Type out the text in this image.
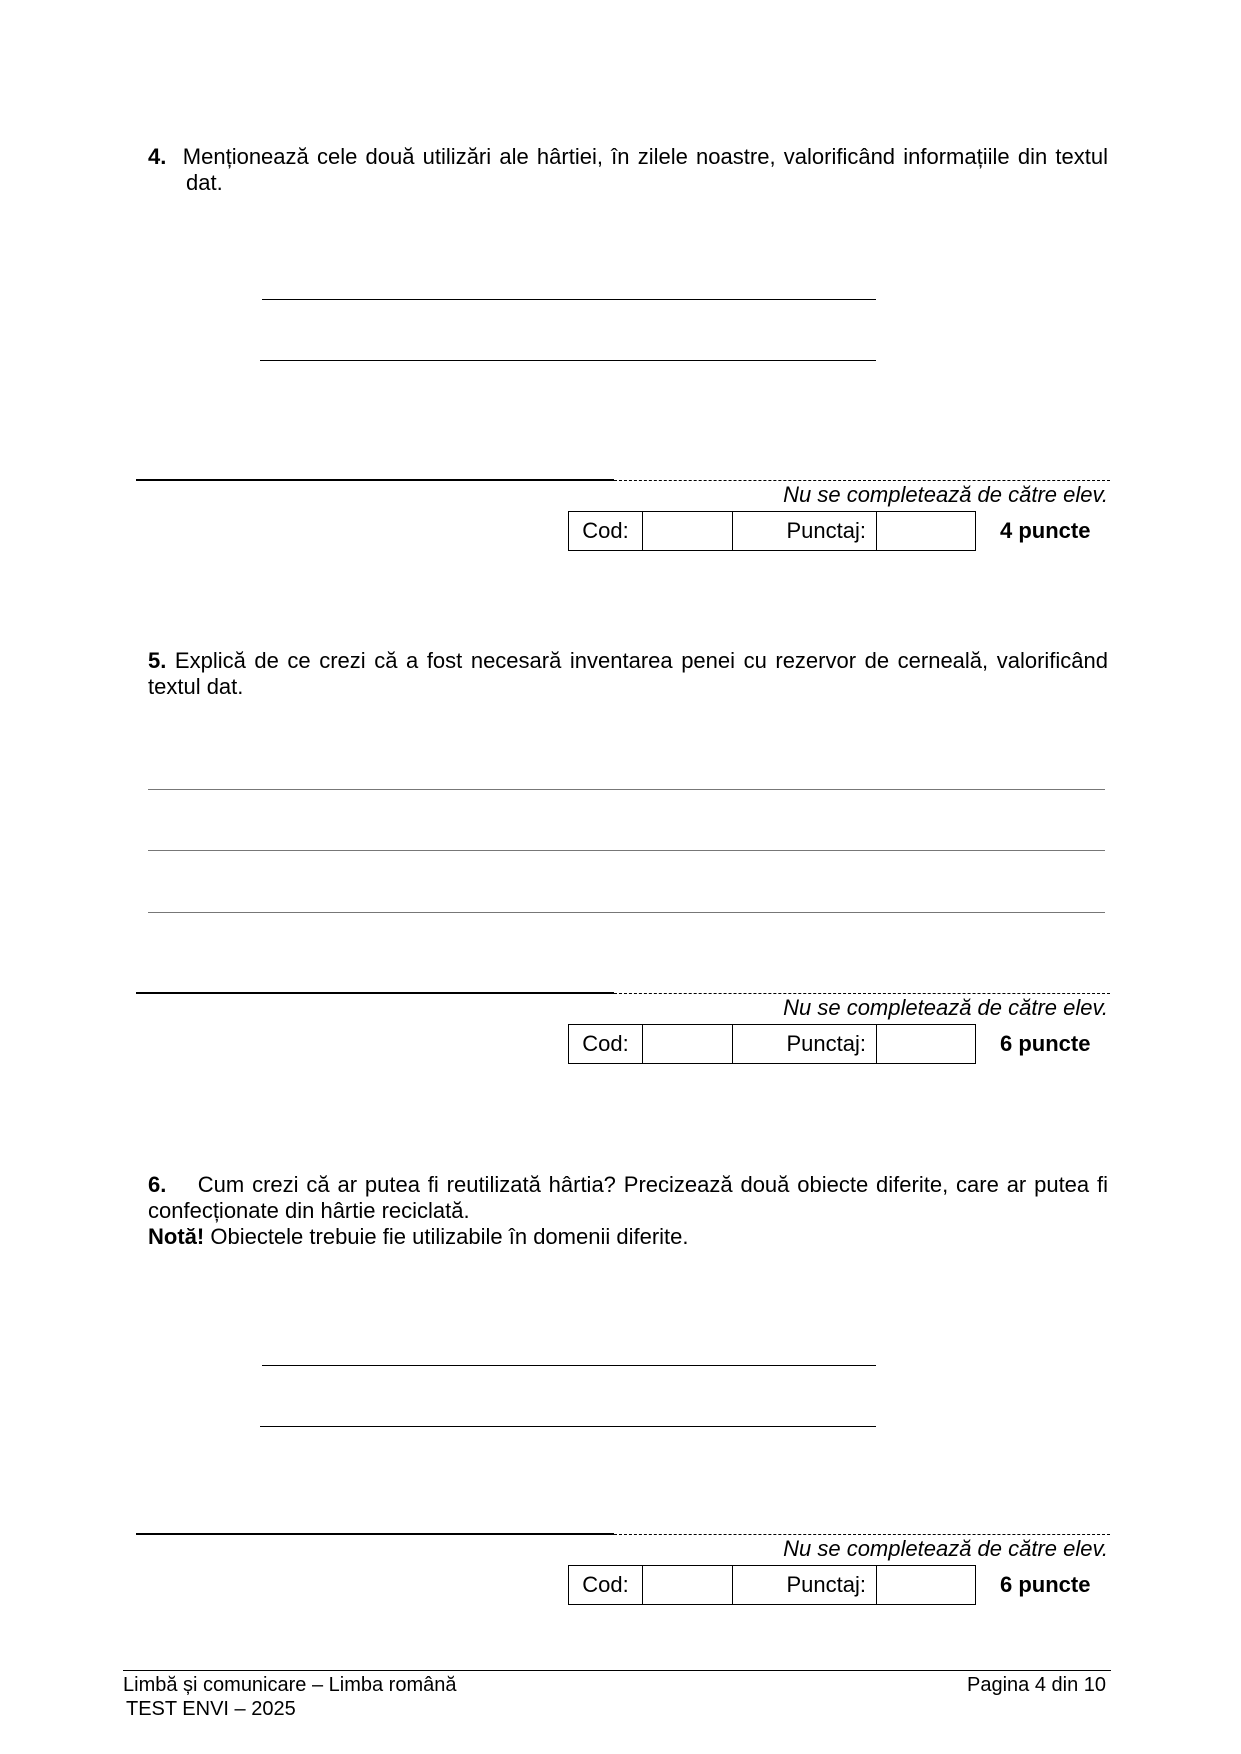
4. Menționează cele două utilizări ale hârtiei, în zilele noastre, valorificând informațiile din textul dat.

Nu se completează de către elev.
Cod:	Punctaj:	4 puncte

5. Explică de ce crezi că a fost necesară inventarea penei cu rezervor de cerneală, valorificând textul dat.

Nu se completează de către elev.
Cod:	Punctaj:	6 puncte

6. Cum crezi că ar putea fi reutilizată hârtia? Precizează două obiecte diferite, care ar putea fi confecționate din hârtie reciclată.

Notă! Obiectele trebuie fie utilizabile în domenii diferite.

Nu se completează de către elev.
Cod:	Punctaj:	6 puncte
Limbă și comunicare – Limba română
TEST ENVI – 2025
Pagina 4 din 10
